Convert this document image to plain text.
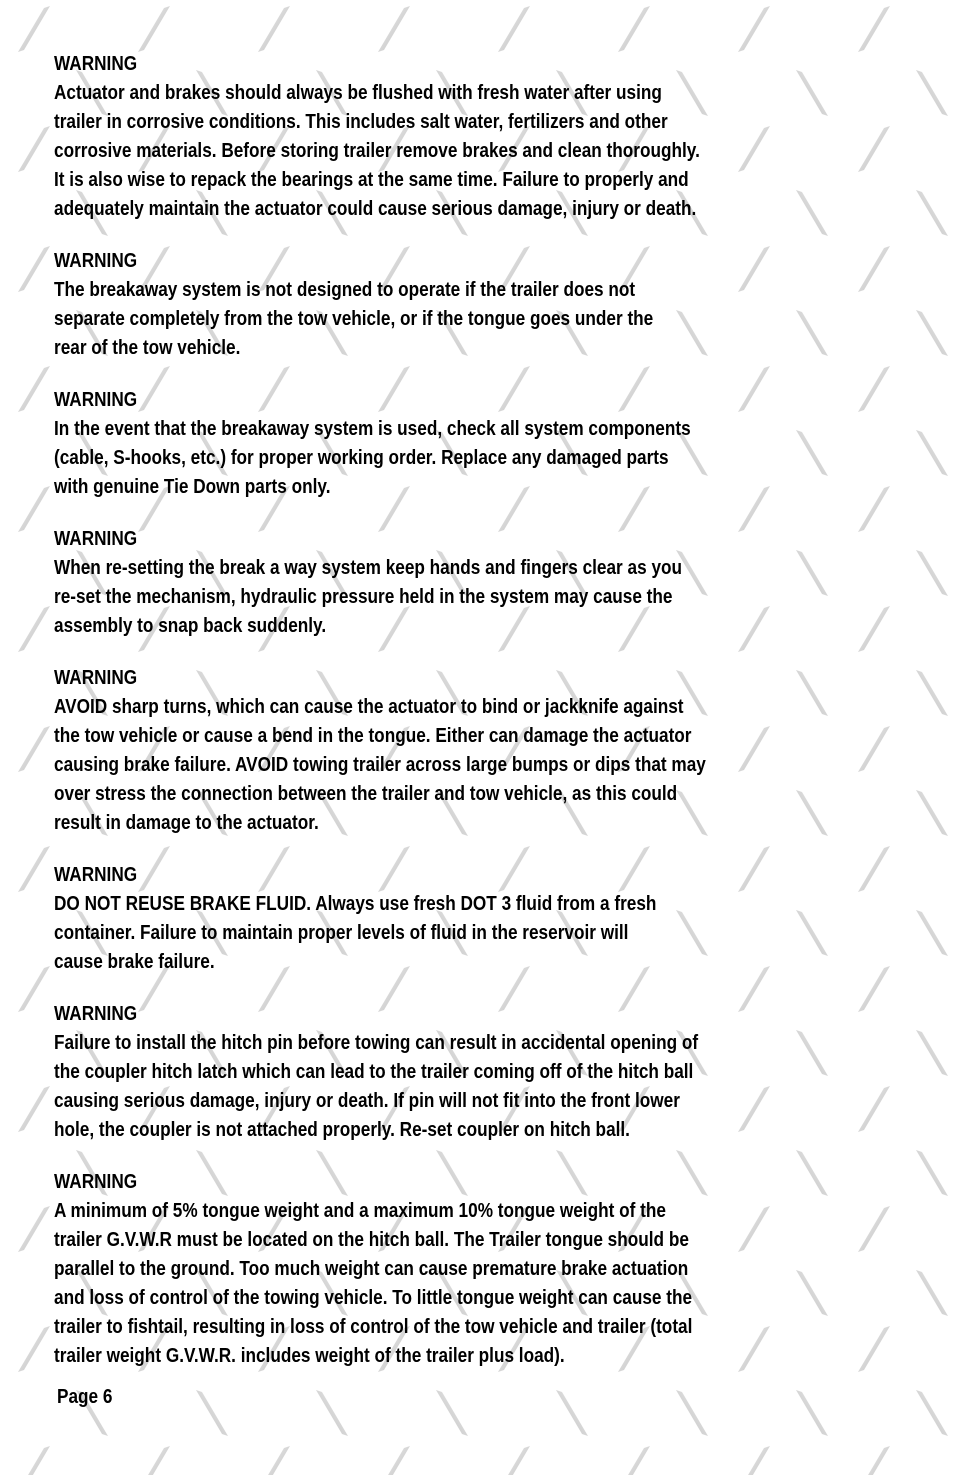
WARNING
Actuator and brakes should always be flushed with fresh water after using
trailer in corrosive conditions. This includes salt water, fertilizers and other
corrosive materials. Before storing trailer remove brakes and clean thoroughly.
It is also wise to repack the bearings at the same time. Failure to properly and
adequately maintain the actuator could cause serious damage, injury or death.
WARNING
The breakaway system is not designed to operate if the trailer does not
separate completely from the tow vehicle, or if the tongue goes under the
rear of the tow vehicle.
WARNING
In the event that the breakaway system is used, check all system components
(cable, S-hooks, etc.) for proper working order. Replace any damaged parts
with genuine Tie Down parts only.
WARNING
When re-setting the break a way system keep hands and fingers clear as you
re-set the mechanism, hydraulic pressure held in the system may cause the
assembly to snap back suddenly.
WARNING
AVOID sharp turns, which can cause the actuator to bind or jackknife against
the tow vehicle or cause a bend in the tongue. Either can damage the actuator
causing brake failure. AVOID towing trailer across large bumps or dips that may
over stress the connection between the trailer and tow vehicle, as this could
result in damage to the actuator.
WARNING
DO NOT REUSE BRAKE FLUID. Always use fresh DOT 3 fluid from a fresh
container. Failure to maintain proper levels of fluid in the reservoir will
cause brake failure.
WARNING
Failure to install the hitch pin before towing can result in accidental opening of
the coupler hitch latch which can lead to the trailer coming off of the hitch ball
causing serious damage, injury or death. If pin will not fit into the front lower
hole, the coupler is not attached properly. Re-set coupler on hitch ball.
WARNING
A minimum of 5% tongue weight and a maximum 10% tongue weight of the
trailer G.V.W.R must be located on the hitch ball. The Trailer tongue should be
parallel to the ground. Too much weight can cause premature brake actuation
and loss of control of the towing vehicle. To little tongue weight can cause the
trailer to fishtail, resulting in loss of control of the tow vehicle and trailer (total
trailer weight G.V.W.R. includes weight of the trailer plus load).
Page 6
